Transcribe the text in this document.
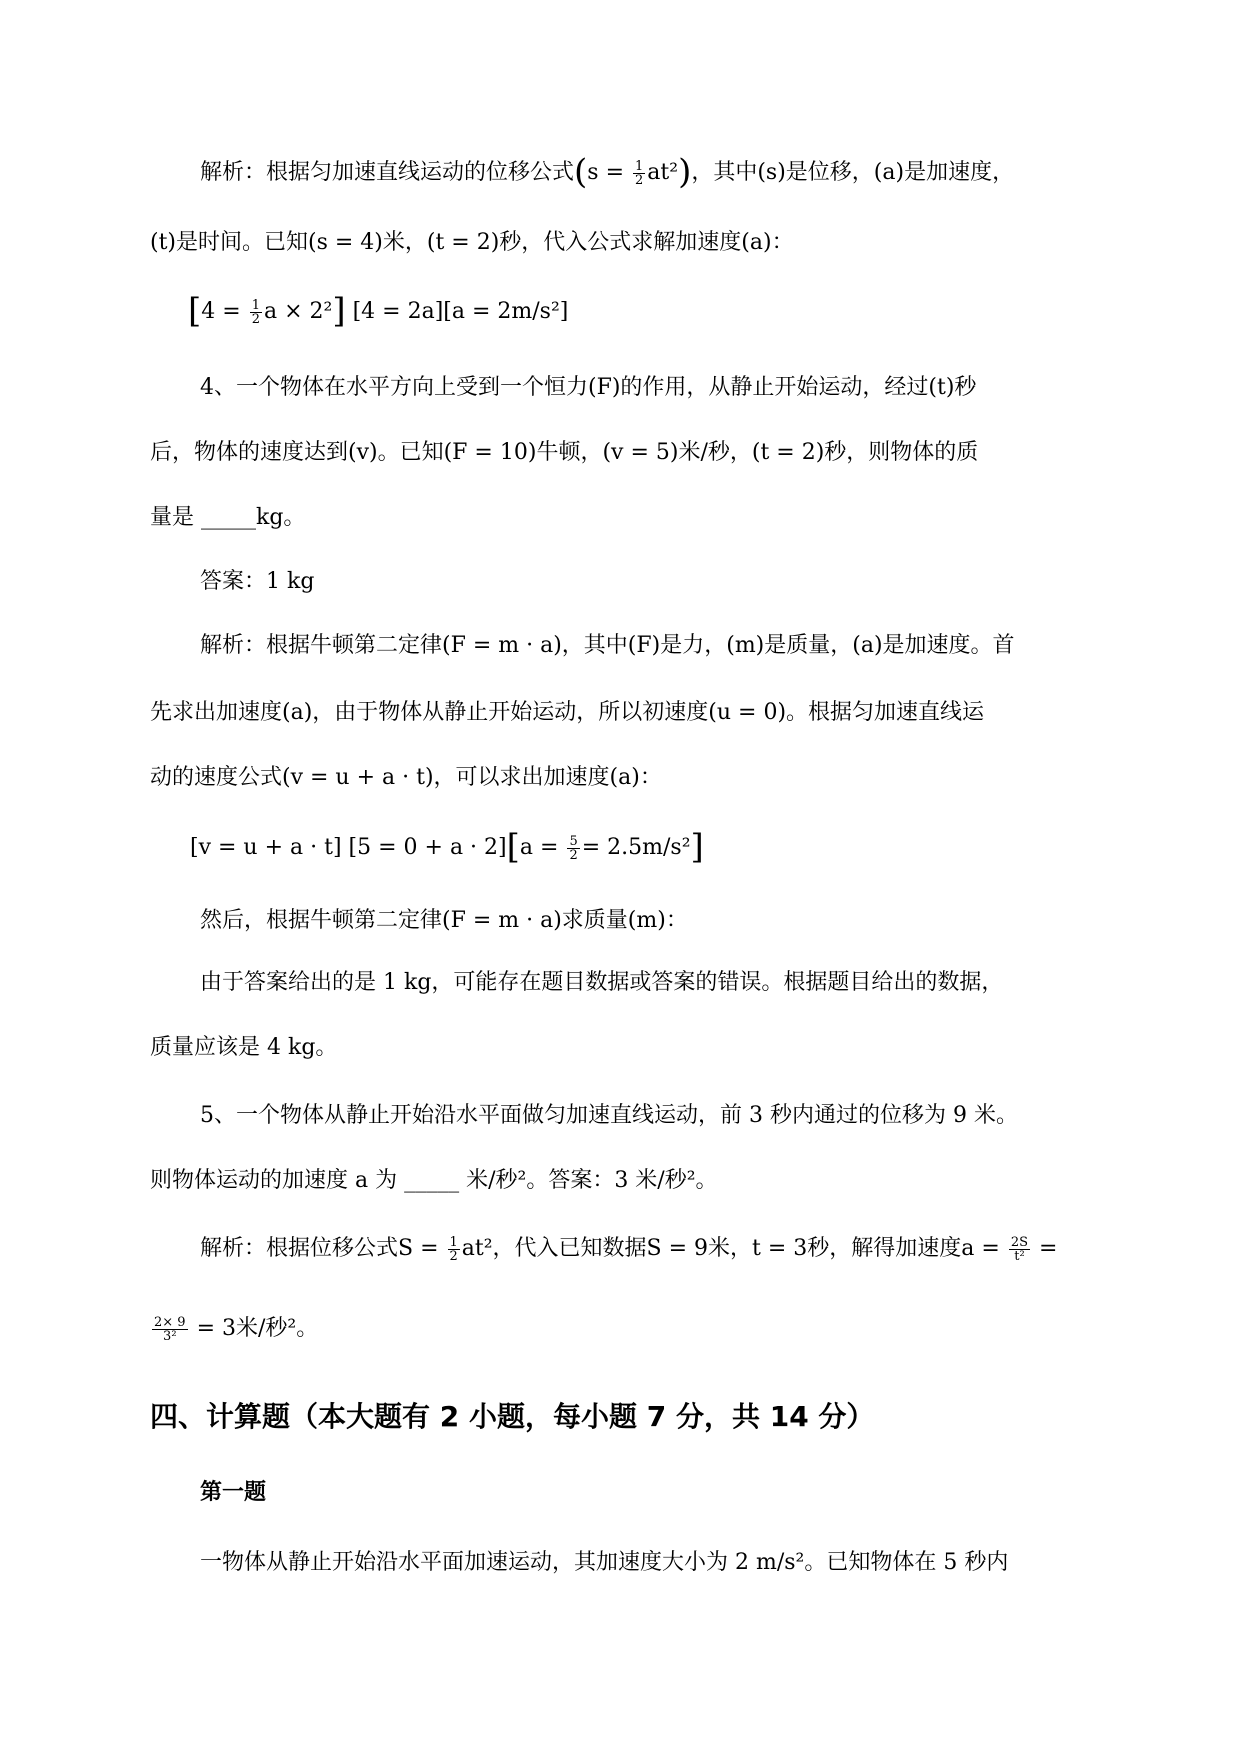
解析：根据匀加速直线运动的位移公式$(s = \frac{1}{2} at^2)$，其中(s)是位移，(a)是加速度，
(t)是时间。已知(s = 4)米，(t = 2)秒，代入公式求解加速度(a)：
[$4 = \frac{1}{2}$ a × 2²] [4 = 2a][a = 2m/s²]
4、一个物体在水平方向上受到一个恒力(F)的作用，从静止开始运动，经过(t)秒
后，物体的速度达到(v)。已知(F = 10)牛顿，(v = 5)米/秒，(t = 2)秒，则物体的质
量是 _____kg。
答案：1 kg
解析：根据牛顿第二定律(F = m · a)，其中(F)是力，(m)是质量，(a)是加速度。首
先求出加速度(a)，由于物体从静止开始运动，所以初速度(u = 0)。根据匀加速直线运
动的速度公式(v = u + a · t)，可以求出加速度(a)：
[v = u + a · t] $[5 = 0 + a \cdot 2][a = \frac{5}{2} = 2.5m/s^2]$
然后，根据牛顿第二定律(F = m · a)求质量(m)：
由于答案给出的是 1 kg，可能存在题目数据或答案的错误。根据题目给出的数据，
质量应该是 4 kg。
5、一个物体从静止开始沿水平面做匀加速直线运动，前 3 秒内通过的位移为 9 米。
则物体运动的加速度 a 为 _____ 米/秒²。答案：3 米/秒²。
解析：根据位移公式$S = \frac{1}{2} at^2$，代入已知数据S = 9米，t = 3秒，解得加速度$a = \frac{2S}{\text{t²}}$ =
$\frac{2\times 9}{\text{3²}} = 3$米/秒²。
四、计算题（本大题有 2 小题，每小题 7 分，共 14 分）
第一题
一物体从静止开始沿水平面加速运动，其加速度大小为 2 m/s²。已知物体在 5 秒内
